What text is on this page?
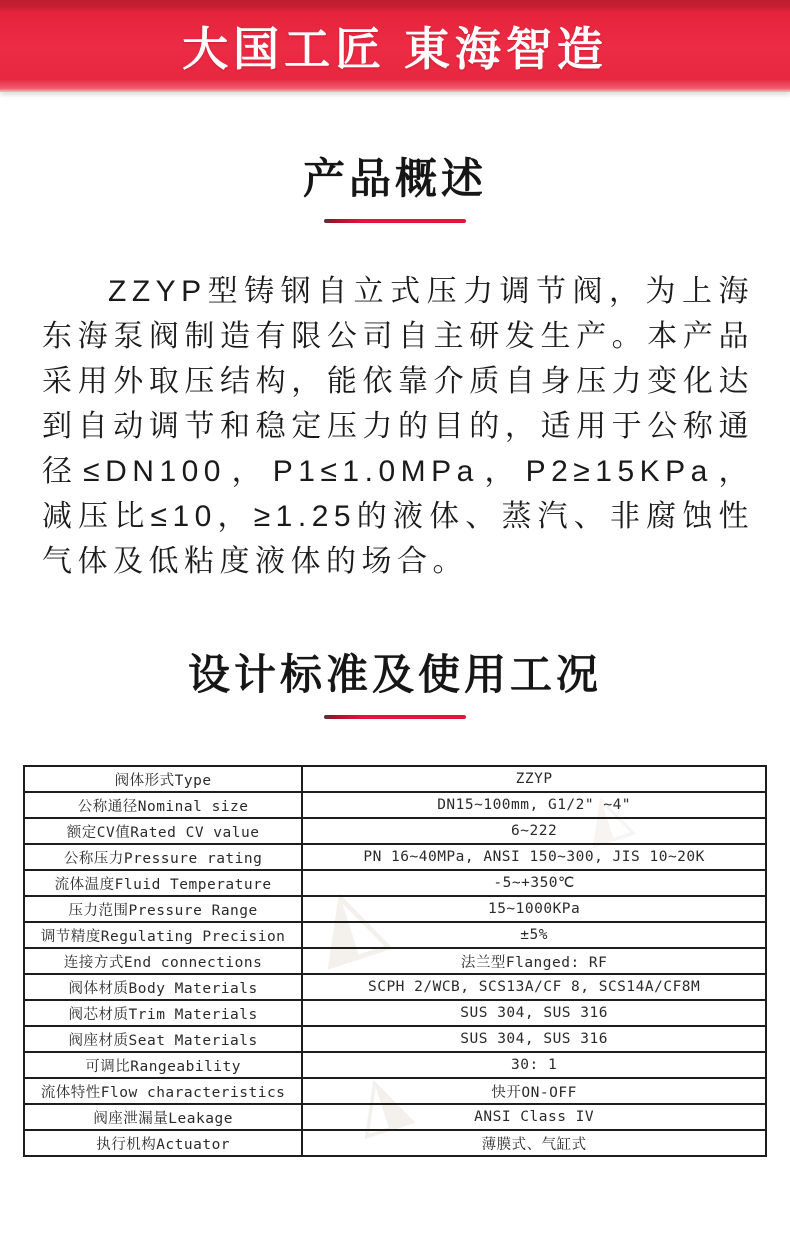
大国工匠 東海智造
产品概述

ZZYP型铸钢自立式压力调节阀，为上海东海泵阀制造有限公司自主研发生产。本产品采用外取压结构，能依靠介质自身压力变化达到自动调节和稳定压力的目的，适用于公称通径≤DN100，P1≤1.0MPa，P2≥15KPa，减压比≤10，≥1.25的液体、蒸汽、非腐蚀性气体及低粘度液体的场合。

设计标准及使用工况
◭
◮
◭
阀体形式Type	ZZYP
公称通径Nominal size	DN15~100mm, G1/2" ~4"
额定CV值Rated CV value	6~222
公称压力Pressure rating	PN 16~40MPa, ANSI 150~300, JIS 10~20K
流体温度Fluid Temperature	-5~+350℃
压力范围Pressure Range	15~1000KPa
调节精度Regulating Precision	±5%
连接方式End connections	法兰型Flanged: RF
阀体材质Body Materials	SCPH 2/WCB, SCS13A/CF 8, SCS14A/CF8M
阀芯材质Trim Materials	SUS 304, SUS 316
阀座材质Seat Materials	SUS 304, SUS 316
可调比Rangeability	30: 1
流体特性Flow characteristics	快开ON-OFF
阀座泄漏量Leakage	ANSI Class IV
执行机构Actuator	薄膜式、气缸式
